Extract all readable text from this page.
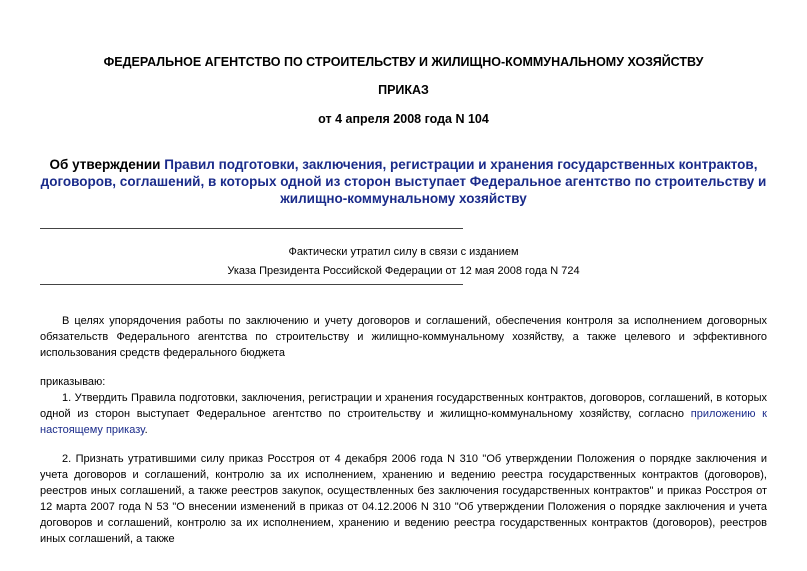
ФЕДЕРАЛЬНОЕ АГЕНТСТВО ПО СТРОИТЕЛЬСТВУ И ЖИЛИЩНО-КОММУНАЛЬНОМУ ХОЗЯЙСТВУ
ПРИКАЗ
от 4 апреля 2008 года N 104
Об утверждении Правил подготовки, заключения, регистрации и хранения государственных контрактов, договоров, соглашений, в которых одной из сторон выступает Федеральное агентство по строительству и жилищно-коммунальному хозяйству
Фактически утратил силу в связи с изданием
Указа Президента Российской Федерации от 12 мая 2008 года N 724
В целях упорядочения работы по заключению и учету договоров и соглашений, обеспечения контроля за исполнением договорных обязательств Федерального агентства по строительству и жилищно-коммунальному хозяйству, а также целевого и эффективного использования средств федерального бюджета
приказываю:
1. Утвердить Правила подготовки, заключения, регистрации и хранения государственных контрактов, договоров, соглашений, в которых одной из сторон выступает Федеральное агентство по строительству и жилищно-коммунальному хозяйству, согласно приложению к настоящему приказу.
2. Признать утратившими силу приказ Росстроя от 4 декабря 2006 года N 310 "Об утверждении Положения о порядке заключения и учета договоров и соглашений, контролю за их исполнением, хранению и ведению реестра государственных контрактов (договоров), реестров иных соглашений, а также реестров закупок, осуществленных без заключения государственных контрактов" и приказ Росстроя от 12 марта 2007 года N 53 "О внесении изменений в приказ от 04.12.2006 N 310 "Об утверждении Положения о порядке заключения и учета договоров и соглашений, контролю за их исполнением, хранению и ведению реестра государственных контрактов (договоров), реестров иных соглашений, а также
